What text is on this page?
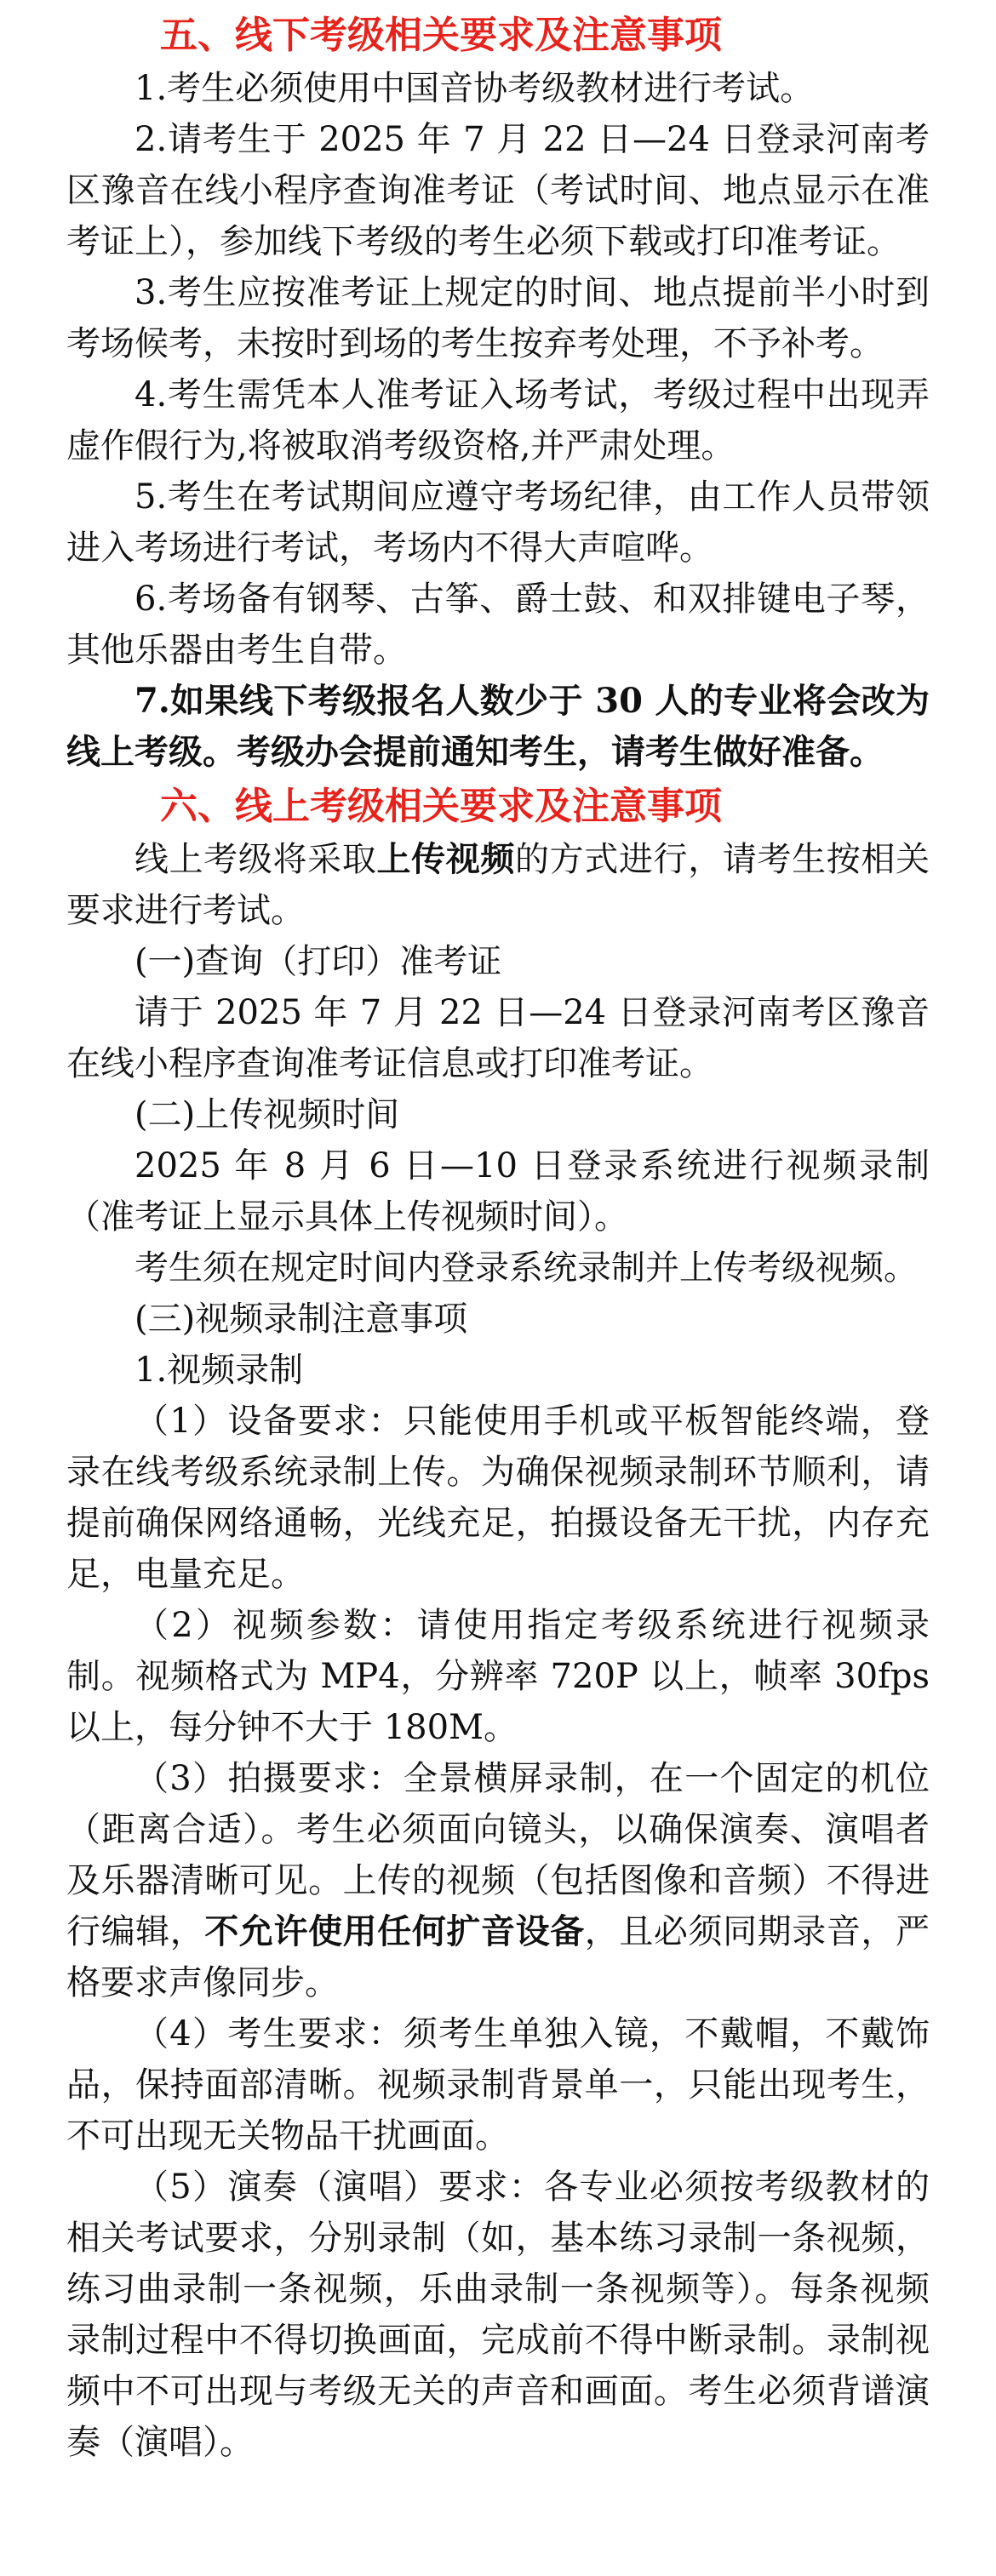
五、线下考级相关要求及注意事项

1.考生必须使用中国音协考级教材进行考试。

2.请考生于 2025 年 7 月 22 日—24 日登录河南考区豫音在线小程序查询准考证（考试时间、地点显示在准考证上），参加线下考级的考生必须下载或打印准考证。

3.考生应按准考证上规定的时间、地点提前半小时到考场候考，未按时到场的考生按弃考处理，不予补考。

4.考生需凭本人准考证入场考试，考级过程中出现弄虚作假行为,将被取消考级资格,并严肃处理。

5.考生在考试期间应遵守考场纪律，由工作人员带领进入考场进行考试，考场内不得大声喧哗。

6.考场备有钢琴、古筝、爵士鼓、和双排键电子琴，其他乐器由考生自带。

7.如果线下考级报名人数少于 30 人的专业将会改为线上考级。考级办会提前通知考生，请考生做好准备。

六、线上考级相关要求及注意事项

线上考级将采取上传视频的方式进行，请考生按相关要求进行考试。

(一)查询（打印）准考证

请于 2025 年 7 月 22 日—24 日登录河南考区豫音在线小程序查询准考证信息或打印准考证。

(二)上传视频时间

2025 年 8 月 6 日—10 日登录系统进行视频录制（准考证上显示具体上传视频时间）。

考生须在规定时间内登录系统录制并上传考级视频。

(三)视频录制注意事项

1.视频录制

（1）设备要求：只能使用手机或平板智能终端，登录在线考级系统录制上传。为确保视频录制环节顺利，请提前确保网络通畅，光线充足，拍摄设备无干扰，内存充足，电量充足。

（2）视频参数：请使用指定考级系统进行视频录制。视频格式为 MP4，分辨率 720P 以上，帧率 30fps 以上，每分钟不大于 180M。

（3）拍摄要求：全景横屏录制，在一个固定的机位（距离合适）。考生必须面向镜头，以确保演奏、演唱者及乐器清晰可见。上传的视频（包括图像和音频）不得进行编辑，不允许使用任何扩音设备，且必须同期录音，严格要求声像同步。

（4）考生要求：须考生单独入镜，不戴帽，不戴饰品，保持面部清晰。视频录制背景单一，只能出现考生，不可出现无关物品干扰画面。

（5）演奏（演唱）要求：各专业必须按考级教材的相关考试要求，分别录制（如，基本练习录制一条视频，练习曲录制一条视频，乐曲录制一条视频等）。每条视频录制过程中不得切换画面，完成前不得中断录制。录制视频中不可出现与考级无关的声音和画面。考生必须背谱演奏（演唱）。
